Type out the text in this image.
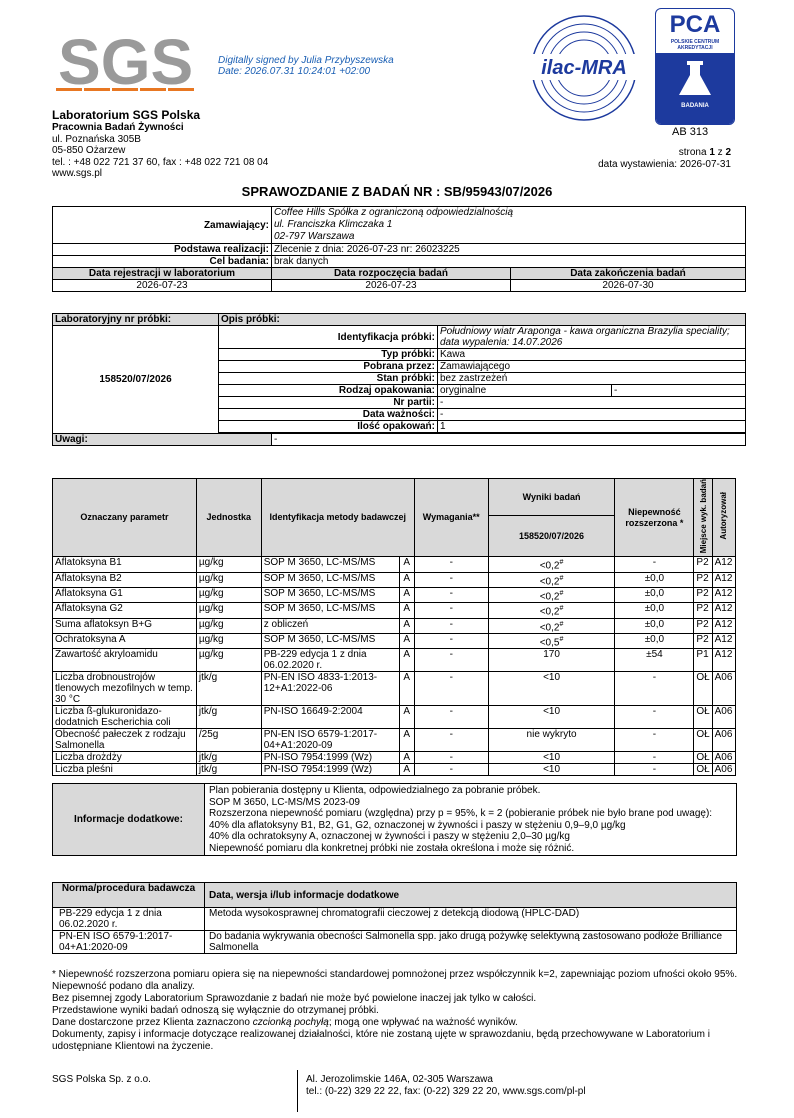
SGS Digitally signed by Julia Przybyszewska
Date: 2026.07.31 10:24:01 +02:00	ilac-MRA
PCA
POLSKIE CENTRUM
AKREDYTACJI
BADANIA
AB 313
Laboratorium SGS Polska
Pracownia Badań Żywności
ul. Poznańska 305B
05-850 Ożarzew
tel. : +48 022 721 37 60, fax : +48 022 721 08 04
www.sgs.pl
strona 1 z 2
data wystawienia: 2026-07-31
SPRAWOZDANIE Z BADAŃ NR : SB/95943/07/2026
Zamawiający:	Coffee Hills Spółka z ograniczoną odpowiedzialnością
ul. Franciszka Klimczaka 1
02-797 Warszawa	

Podstawa realizacji:	Zlecenie z dnia: 2026-07-23 nr: 26023225	
Cel badania:	brak danych	
Data rejestracji w laboratorium	Data rozpoczęcia badań	Data zakończenia badań
2026-07-23	2026-07-23	2026-07-30
Laboratoryjny nr próbki:	Opis próbki:			
158520/07/2026	Identyfikacja próbki:		Południowy wiatr Araponga - kawa organiczna Brazylia speciality; data wypalenia: 14.07.2026	
	Typ próbki:		Kawa	
	Pobrana przez:		Zamawiającego	
	Stan próbki:		bez zastrzeżeń	
	Rodzaj opakowania:		oryginalne	-
	Nr partii:		-	
	Data ważności:		-	
	Ilość opakowań:		1	

Uwagi:		-		
Oznaczany parametr	Jednostka	Identyfikacja metody badawczej		Wymagania**	Wyniki badań	Niepewność rozszerzona *	Miejsce wyk. badań	Autoryzował
					158520/07/2026			
Aflatoksyna B1	µg/kg	SOP M 3650, LC-MS/MS	A	-	<0,2#	-	P2	A12
Aflatoksyna B2	µg/kg	SOP M 3650, LC-MS/MS	A	-	<0,2#	±0,0	P2	A12
Aflatoksyna G1	µg/kg	SOP M 3650, LC-MS/MS	A	-	<0,2#	±0,0	P2	A12
Aflatoksyna G2	µg/kg	SOP M 3650, LC-MS/MS	A	-	<0,2#	±0,0	P2	A12
Suma aflatoksyn B+G	µg/kg	z obliczeń	A	-	<0,2#	±0,0	P2	A12
Ochratoksyna A	µg/kg	SOP M 3650, LC-MS/MS	A	-	<0,5#	±0,0	P2	A12
Zawartość akryloamidu	µg/kg	PB-229 edycja 1 z dnia 06.02.2020 r.	A	-	170	±54	P1	A12
Liczba drobnoustrojów tlenowych mezofilnych w temp. 30 °C	jtk/g	PN-EN ISO 4833-1:2013-12+A1:2022-06	A	-	<10	-	OŁ	A06
Liczba ß-glukuronidazo-dodatnich Escherichia coli	jtk/g	PN-ISO 16649-2:2004	A	-	<10	-	OŁ	A06
Obecność pałeczek z rodzaju Salmonella	/25g	PN-EN ISO 6579-1:2017-04+A1:2020-09	A	-	nie wykryto	-	OŁ	A06
Liczba drożdży	jtk/g	PN-ISO 7954:1999 (Wz)	A	-	<10	-	OŁ	A06
Liczba pleśni	jtk/g	PN-ISO 7954:1999 (Wz)	A	-	<10	-	OŁ	A06
Informacje dodatkowe:	
Plan pobierania dostępny u Klienta, odpowiedzialnego za pobranie próbek.
SOP M 3650, LC-MS/MS 2023-09
Rozszerzona niepewność pomiaru (względna) przy p = 95%, k = 2 (pobieranie próbek nie było brane pod uwagę):
40% dla aflatoksyny B1, B2, G1, G2, oznaczonej w żywności i paszy w stężeniu 0,9–9,0 µg/kg
40% dla ochratoksyny A, oznaczonej w żywności i paszy w stężeniu 2,0–30 µg/kg
Niepewność pomiaru dla konkretnej próbki nie została określona i może się różnić.
Norma/procedura badawcza	Data, wersja i/lub informacje dodatkowe
PB-229 edycja 1 z dnia 06.02.2020 r.	Metoda wysokosprawnej chromatografii cieczowej z detekcją diodową (HPLC-DAD)
PN-EN ISO 6579-1:2017-04+A1:2020-09	Do badania wykrywania obecności Salmonella spp. jako drugą pożywkę selektywną zastosowano podłoże Brilliance Salmonella
* Niepewność rozszerzona pomiaru opiera się na niepewności standardowej pomnożonej przez współczynnik k=2, zapewniając poziom ufności około 95%. Niepewność podano dla analizy.
Bez pisemnej zgody Laboratorium Sprawozdanie z badań nie może być powielone inaczej jak tylko w całości.
Przedstawione wyniki badań odnoszą się wyłącznie do otrzymanej próbki.
Dane dostarczone przez Klienta zaznaczono czcionką pochyłą; mogą one wpływać na ważność wyników.
Dokumenty, zapisy i informacje dotyczące realizowanej działalności, które nie zostaną ujęte w sprawozdaniu, będą przechowywane w Laboratorium i udostępniane Klientowi na życzenie.
SGS Polska Sp. z o.o.	Al. Jerozolimskie 146A, 02-305 Warszawa
tel.: (0-22) 329 22 22, fax: (0-22) 329 22 20, www.sgs.com/pl-pl
